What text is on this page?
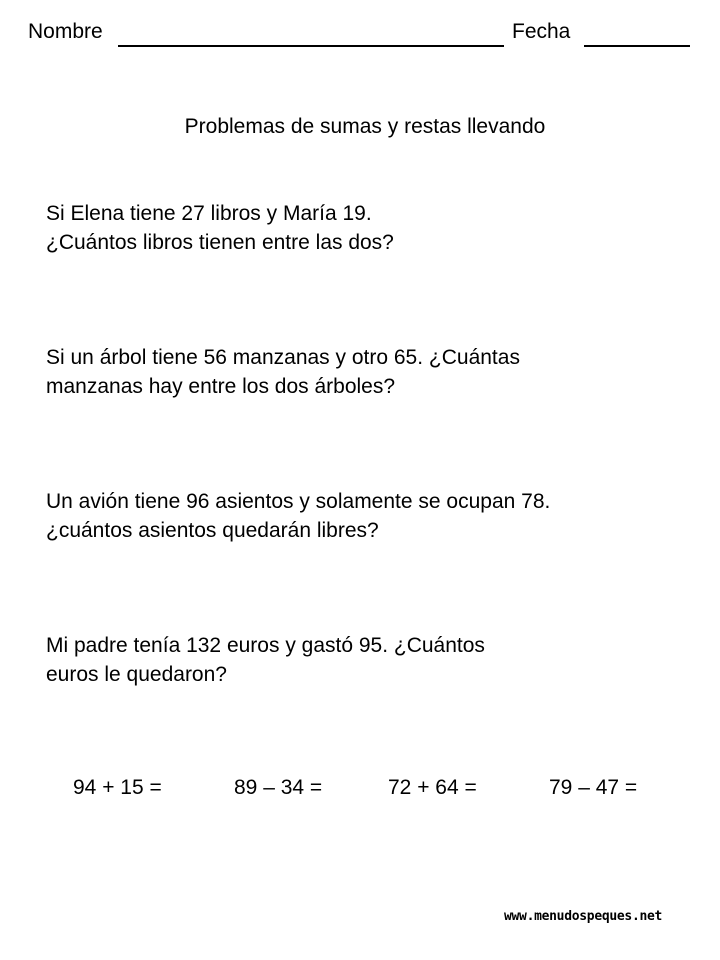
Nombre	Fecha
Problemas de sumas y restas llevando
Si Elena tiene 27 libros y María 19.
¿Cuántos libros tienen entre las dos?
Si un árbol tiene 56 manzanas y otro 65. ¿Cuántas
manzanas hay entre los dos árboles?
Un avión tiene 96 asientos y solamente se ocupan 78.
¿cuántos asientos quedarán libres?
Mi padre tenía 132 euros y gastó 95. ¿Cuántos
euros le quedaron?
94 + 15 =	89 – 34 =	72 + 64 =	79 – 47 =
www.menudospeques.net
